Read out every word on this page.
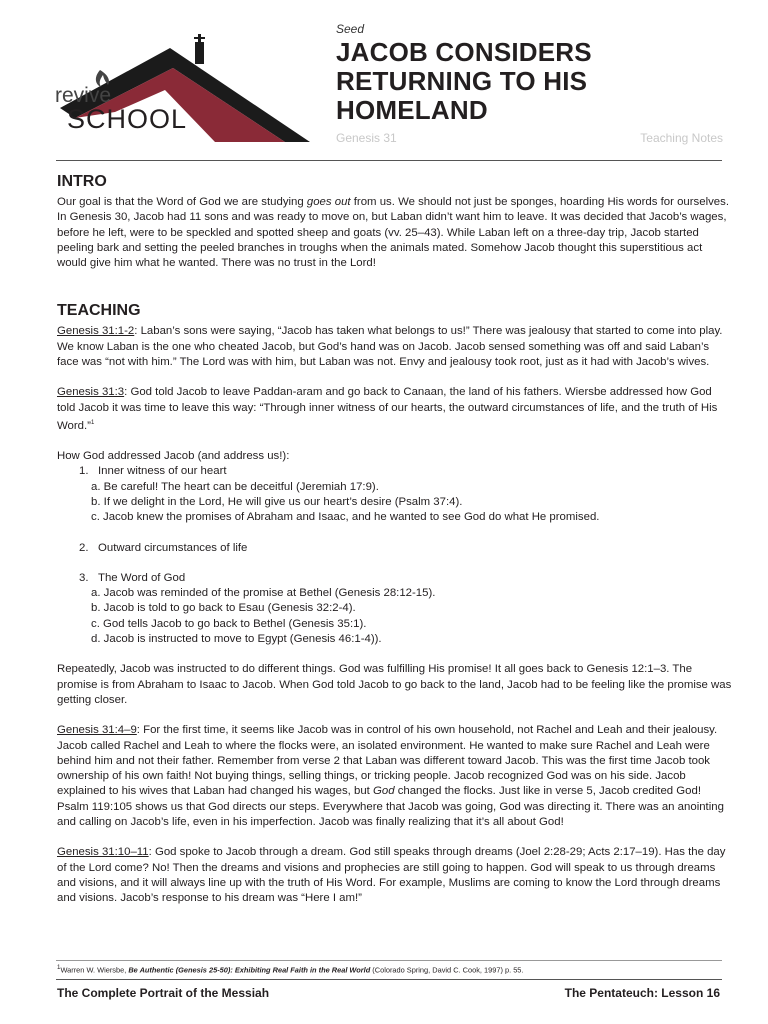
revive
SCHOOL
Seed
JACOB CONSIDERS
RETURNING TO HIS
HOMELAND
Genesis 31	Teaching Notes
INTRO
Our goal is that the Word of God we are studying goes out from us. We should not just be sponges, hoarding His words for ourselves. In Genesis 30, Jacob had 11 sons and was ready to move on, but Laban didn’t want him to leave. It was decided that Jacob’s wages, before he left, were to be speckled and spotted sheep and goats (vv. 25–43). While Laban left on a three-day trip, Jacob started peeling bark and setting the peeled branches in troughs when the animals mated. Somehow Jacob thought this superstitious act would give him what he wanted. There was no trust in the Lord!
TEACHING
Genesis 31:1-2: Laban’s sons were saying, “Jacob has taken what belongs to us!” There was jealousy that started to come into play. We know Laban is the one who cheated Jacob, but God’s hand was on Jacob. Jacob sensed something was off and said Laban’s face was “not with him.” The Lord was with him, but Laban was not. Envy and jealousy took root, just as it had with Jacob’s wives.
Genesis 31:3: God told Jacob to leave Paddan-aram and go back to Canaan, the land of his fathers. Wiersbe addressed how God told Jacob it was time to leave this way: “Through inner witness of our hearts, the outward circumstances of life, and the truth of His Word.”$^1$
How God addressed Jacob (and address us!):
1.   Inner witness of our heart
a. Be careful! The heart can be deceitful (Jeremiah 17:9).
b. If we delight in the Lord, He will give us our heart’s desire (Psalm 37:4).
c. Jacob knew the promises of Abraham and Isaac, and he wanted to see God do what He promised.
2.   Outward circumstances of life
3.   The Word of God
a. Jacob was reminded of the promise at Bethel (Genesis 28:12-15).
b. Jacob is told to go back to Esau (Genesis 32:2-4).
c. God tells Jacob to go back to Bethel (Genesis 35:1).
d. Jacob is instructed to move to Egypt (Genesis 46:1-4)).
Repeatedly, Jacob was instructed to do different things. God was fulfilling His promise! It all goes back to Genesis 12:1–3. The promise is from Abraham to Isaac to Jacob. When God told Jacob to go back to the land, Jacob had to be feeling like the promise was getting closer.
Genesis 31:4–9: For the first time, it seems like Jacob was in control of his own household, not Rachel and Leah and their jealousy. Jacob called Rachel and Leah to where the flocks were, an isolated environment. He wanted to make sure Rachel and Leah were behind him and not their father. Remember from verse 2 that Laban was different toward Jacob. This was the first time Jacob took ownership of his own faith! Not buying things, selling things, or tricking people. Jacob recognized God was on his side. Jacob explained to his wives that Laban had changed his wages, but God changed the flocks. Just like in verse 5, Jacob credited God! Psalm 119:105 shows us that God directs our steps. Everywhere that Jacob was going, God was directing it. There was an anointing and calling on Jacob’s life, even in his imperfection. Jacob was finally realizing that it’s all about God!
Genesis 31:10–11: God spoke to Jacob through a dream. God still speaks through dreams (Joel 2:28-29; Acts 2:17–19). Has the day of the Lord come? No! Then the dreams and visions and prophecies are still going to happen. God will speak to us through dreams and visions, and it will always line up with the truth of His Word. For example, Muslims are coming to know the Lord through dreams and visions. Jacob’s response to his dream was “Here I am!”
$^1$Warren W. Wiersbe, Be Authentic (Genesis 25-50): Exhibiting Real Faith in the Real World (Colorado Spring, David C. Cook, 1997) p. 55.
The Complete Portrait of the Messiah	The Pentateuch: Lesson 16
